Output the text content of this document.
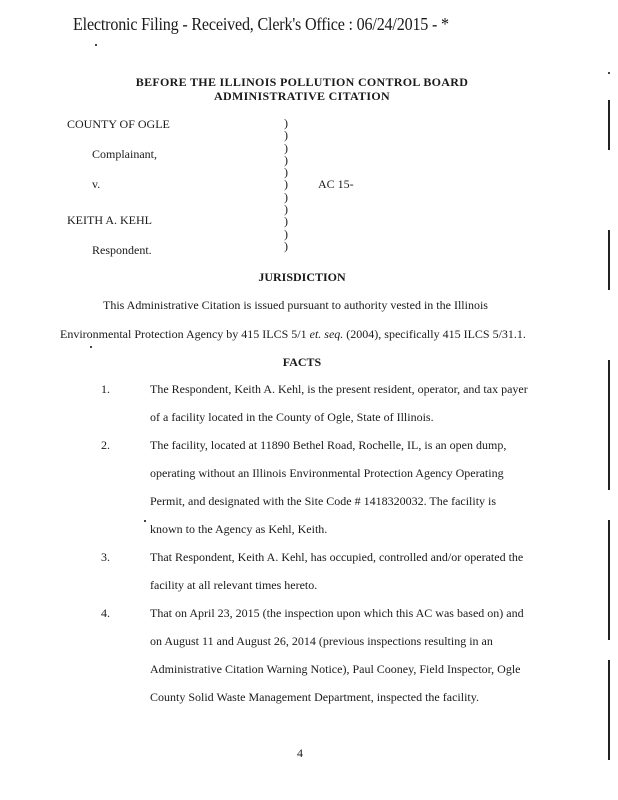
Electronic Filing - Received, Clerk's Office : 06/24/2015 - *
BEFORE THE ILLINOIS POLLUTION CONTROL BOARD
ADMINISTRATIVE CITATION
COUNTY OF OGLE
Complainant,
v.
KEITH A. KEHL
Respondent.
)
)
)
)
)
)
)
)
)
)
)
AC 15-
JURISDICTION
This Administrative Citation is issued pursuant to authority vested in the Illinois
Environmental Protection Agency by 415 ILCS 5/1 et. seq. (2004), specifically 415 ILCS 5/31.1.
FACTS
1.	The Respondent, Keith A. Kehl, is the present resident, operator, and tax payer
of a facility located in the County of Ogle, State of Illinois.
2.	The facility, located at 11890 Bethel Road, Rochelle, IL, is an open dump,
operating without an Illinois Environmental Protection Agency Operating
Permit, and designated with the Site Code # 1418320032. The facility is
known to the Agency as Kehl, Keith.
3.	That Respondent, Keith A. Kehl, has occupied, controlled and/or operated the
facility at all relevant times hereto.
4.	That on April 23, 2015 (the inspection upon which this AC was based on) and
on August 11 and August 26, 2014 (previous inspections resulting in an
Administrative Citation Warning Notice), Paul Cooney, Field Inspector, Ogle
County Solid Waste Management Department, inspected the facility.
4
